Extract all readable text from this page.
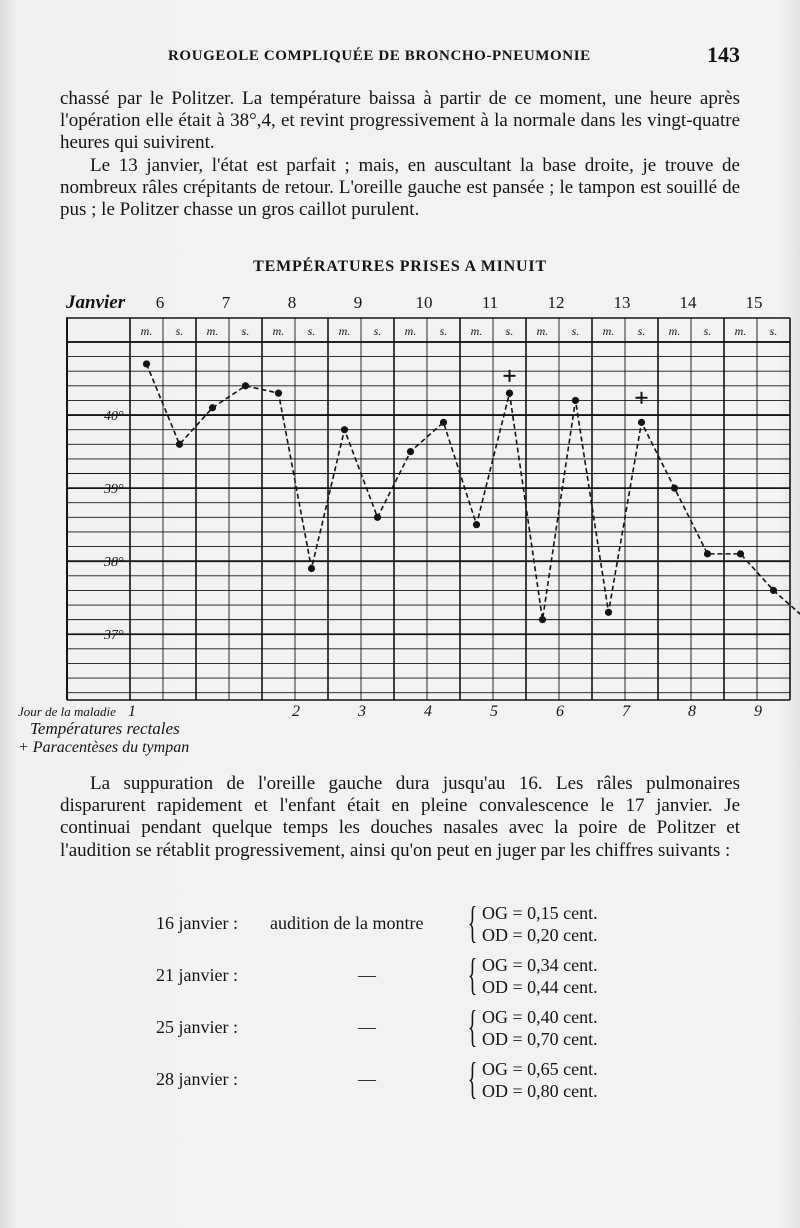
ROUGEOLE COMPLIQUÉE DE BRONCHO-PNEUMONIE	143

chassé par le Politzer. La température baissa à partir de ce moment, une heure après l'opération elle était à 38°,4, et revint progressivement à la normale dans les vingt-quatre heures qui suivirent.

Le 13 janvier, l'état est parfait ; mais, en auscultant la base droite, je trouve de nombreux râles crépitants de retour. L'oreille gauche est pansée ; le tampon est souillé de pus ; le Politzer chasse un gros caillot purulent.

TEMPÉRATURES PRISES A MINUIT
Janvier 6	7	8	9	10	11	12	13	14	15
m. s. m. s. m. s. m. s. m. s. m. s. m. s. m. s. m. s. m. s.
40°
39°
38°
37°
Jour de la maladie 1	2	3	4	5	6	7	8	9
Températures rectales
+ Paracentèses du tympan

La suppuration de l'oreille gauche dura jusqu'au 16. Les râles pulmonaires disparurent rapidement et l'enfant était en pleine convalescence le 17 janvier. Je continuai pendant quelque temps les douches nasales avec la poire de Politzer et l'audition se rétablit progressivement, ainsi qu'on peut en juger par les chiffres suivants :

16 janvier : audition de la montre { OG = 0,15 cent.
OD = 0,20 cent.
21 janvier :	— { OG = 0,34 cent.
OD = 0,44 cent.
25 janvier :	— { OG = 0,40 cent.
OD = 0,70 cent.
28 janvier :	— { OG = 0,65 cent.
OD = 0,80 cent.
